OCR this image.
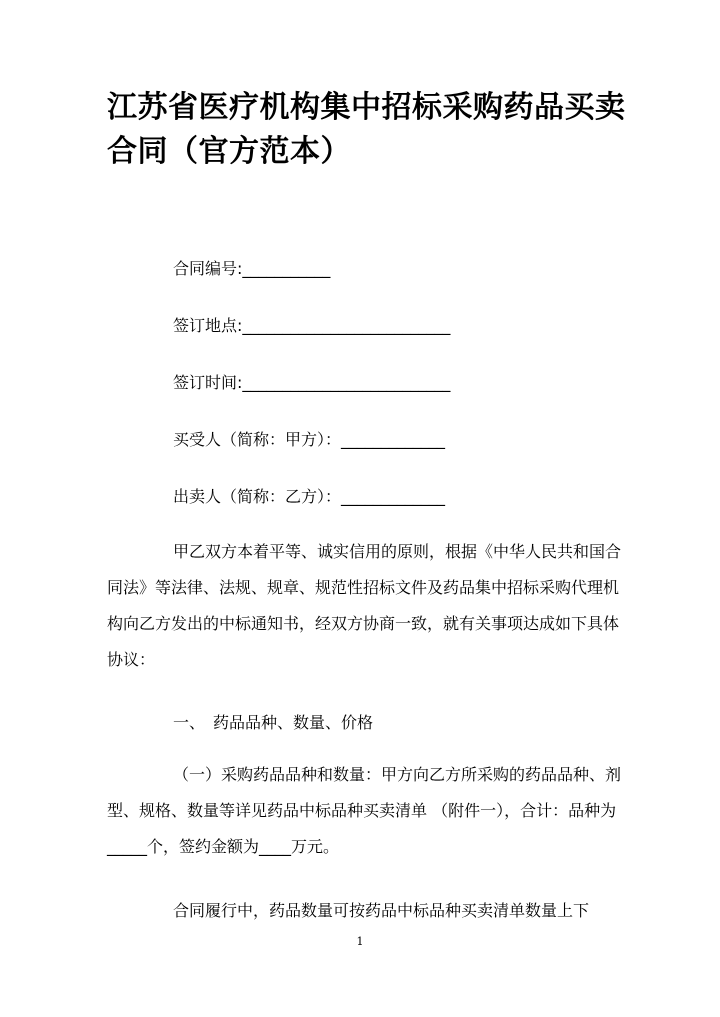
江苏省医疗机构集中招标采购药品买卖
合同（官方范本）
合同编号:___________
签订地点:__________________________
签订时间:__________________________
买受人（简称：甲方）：_____________
出卖人（简称：乙方）：_____________
甲乙双方本着平等、诚实信用的原则，根据《中华人民共和国合同法》等法律、法规、规章、规范性招标文件及药品集中招标采购代理机构向乙方发出的中标通知书，经双方协商一致，就有关事项达成如下具体协议：
一、　药品品种、数量、价格
（一）采购药品品种和数量：甲方向乙方所采购的药品品种、剂型、规格、数量等详见药品中标品种买卖清单 （附件一），合计：品种为_____个，签约金额为____万元。
合同履行中，药品数量可按药品中标品种买卖清单数量上下
1
